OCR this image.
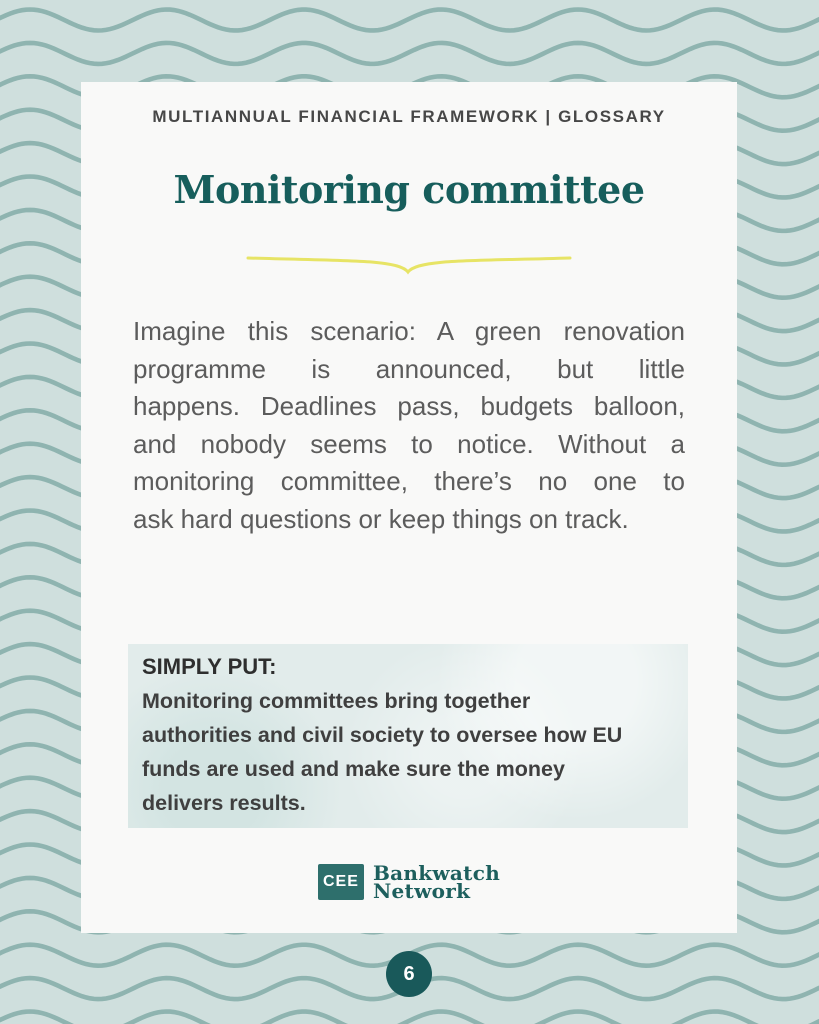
MULTIANNUAL FINANCIAL FRAMEWORK | GLOSSARY
Monitoring committee
Imagine this scenario: A green renovation
programme is announced, but little
happens. Deadlines pass, budgets balloon,
and nobody seems to notice. Without a
monitoring committee, there’s no one to
ask hard questions or keep things on track.
SIMPLY PUT:
Monitoring committees bring together
authorities and civil society to oversee how EU
funds are used and make sure the money
delivers results.
CEE Bankwatch
Network
6
